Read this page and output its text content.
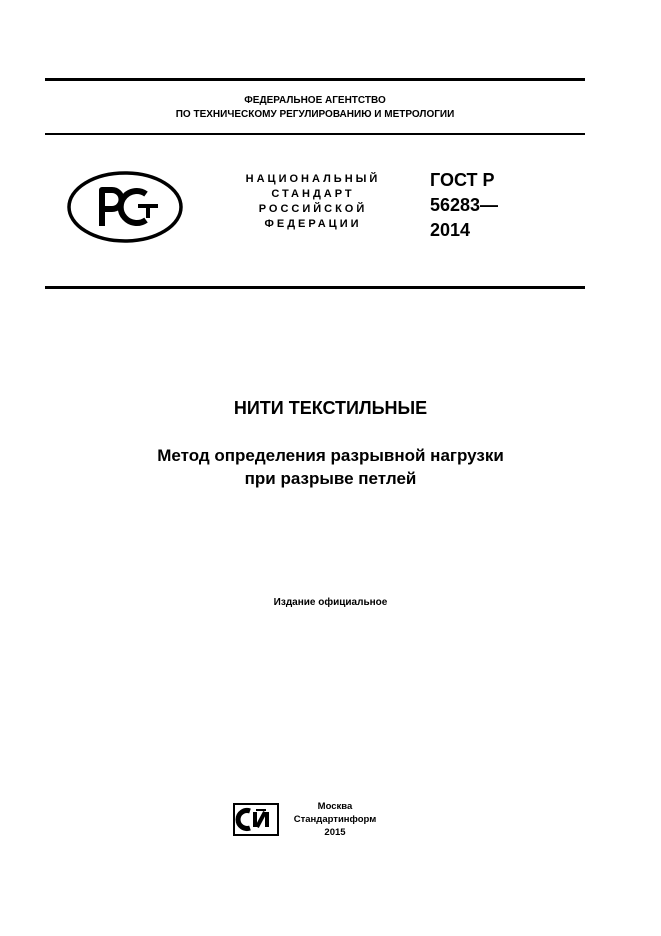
ФЕДЕРАЛЬНОЕ АГЕНТСТВО
ПО ТЕХНИЧЕСКОМУ РЕГУЛИРОВАНИЮ И МЕТРОЛОГИИ
НАЦИОНАЛЬНЫЙ
СТАНДАРТ
РОССИЙСКОЙ
ФЕДЕРАЦИИ
ГОСТ Р
56283—
2014
НИТИ ТЕКСТИЛЬНЫЕ
Метод определения разрывной нагрузки
при разрыве петлей
Издание официальное
Москва
Стандартинформ
2015
